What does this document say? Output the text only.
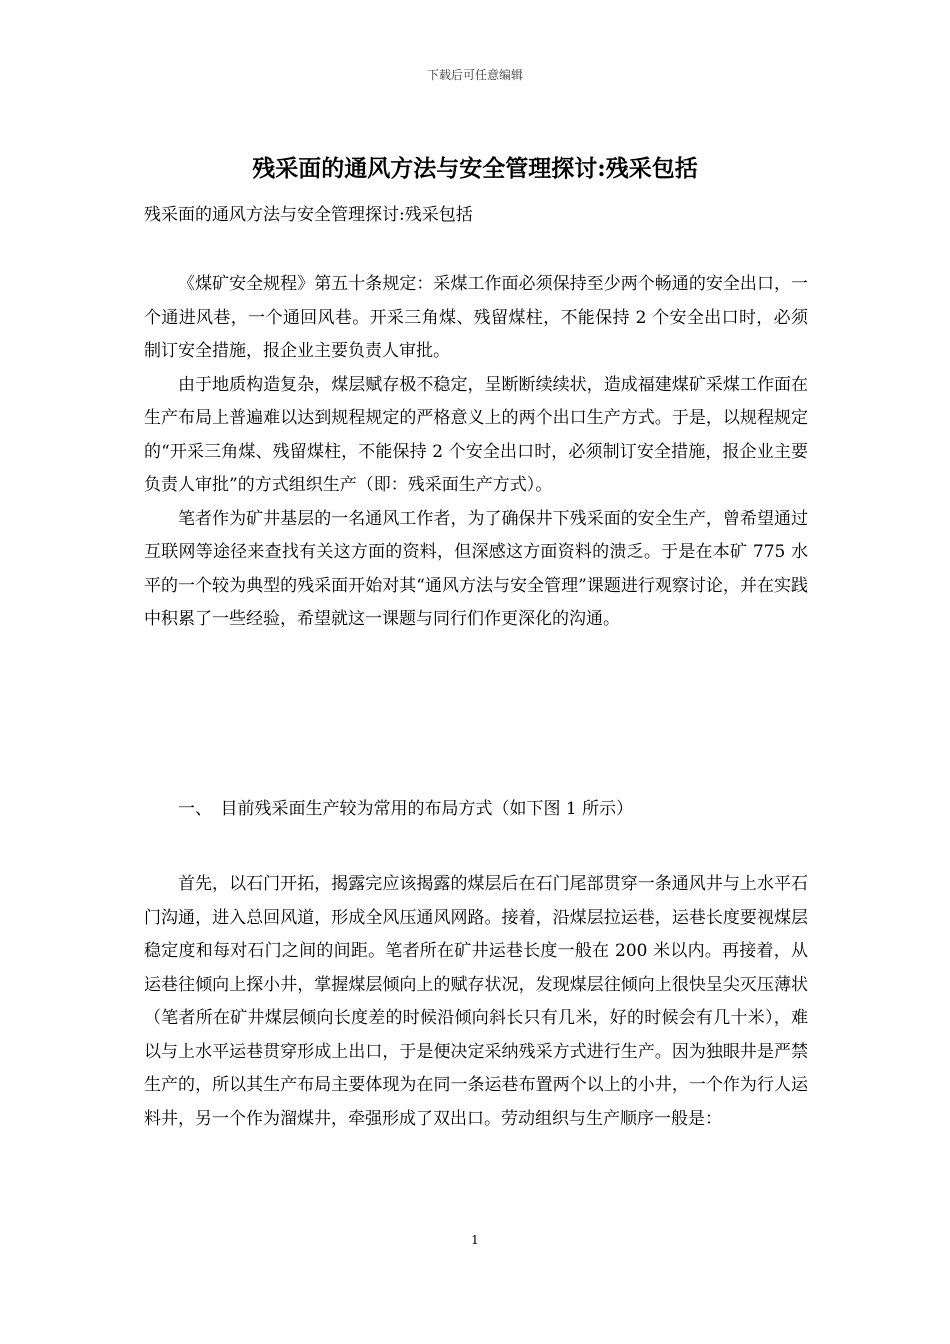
下载后可任意编辑
残采面的通风方法与安全管理探讨:残采包括
残采面的通风方法与安全管理探讨:残采包括

《煤矿安全规程》第五十条规定：采煤工作面必须保持至少两个畅通的安全出口，一个通进风巷，一个通回风巷。开采三角煤、残留煤柱，不能保持 2 个安全出口时，必须制订安全措施，报企业主要负责人审批。

由于地质构造复杂，煤层赋存极不稳定，呈断断续续状，造成福建煤矿采煤工作面在生产布局上普遍难以达到规程规定的严格意义上的两个出口生产方式。于是，以规程规定的“开采三角煤、残留煤柱，不能保持 2 个安全出口时，必须制订安全措施，报企业主要负责人审批”的方式组织生产（即：残采面生产方式）。

笔者作为矿井基层的一名通风工作者，为了确保井下残采面的安全生产，曾希望通过互联网等途径来查找有关这方面的资料，但深感这方面资料的溃乏。于是在本矿 775 水平的一个较为典型的残采面开始对其“通风方法与安全管理”课题进行观察讨论，并在实践中积累了一些经验，希望就这一课题与同行们作更深化的沟通。

一、　目前残采面生产较为常用的布局方式（如下图 1 所示）

首先，以石门开拓，揭露完应该揭露的煤层后在石门尾部贯穿一条通风井与上水平石门沟通，进入总回风道，形成全风压通风网路。接着，沿煤层拉运巷，运巷长度要视煤层稳定度和每对石门之间的间距。笔者所在矿井运巷长度一般在 200 米以内。再接着，从运巷往倾向上探小井，掌握煤层倾向上的赋存状况，发现煤层往倾向上很快呈尖灭压薄状（笔者所在矿井煤层倾向长度差的时候沿倾向斜长只有几米，好的时候会有几十米），难以与上水平运巷贯穿形成上出口，于是便决定采纳残采方式进行生产。因为独眼井是严禁生产的，所以其生产布局主要体现为在同一条运巷布置两个以上的小井，一个作为行人运料井，另一个作为溜煤井，牵强形成了双出口。劳动组织与生产顺序一般是：

1
